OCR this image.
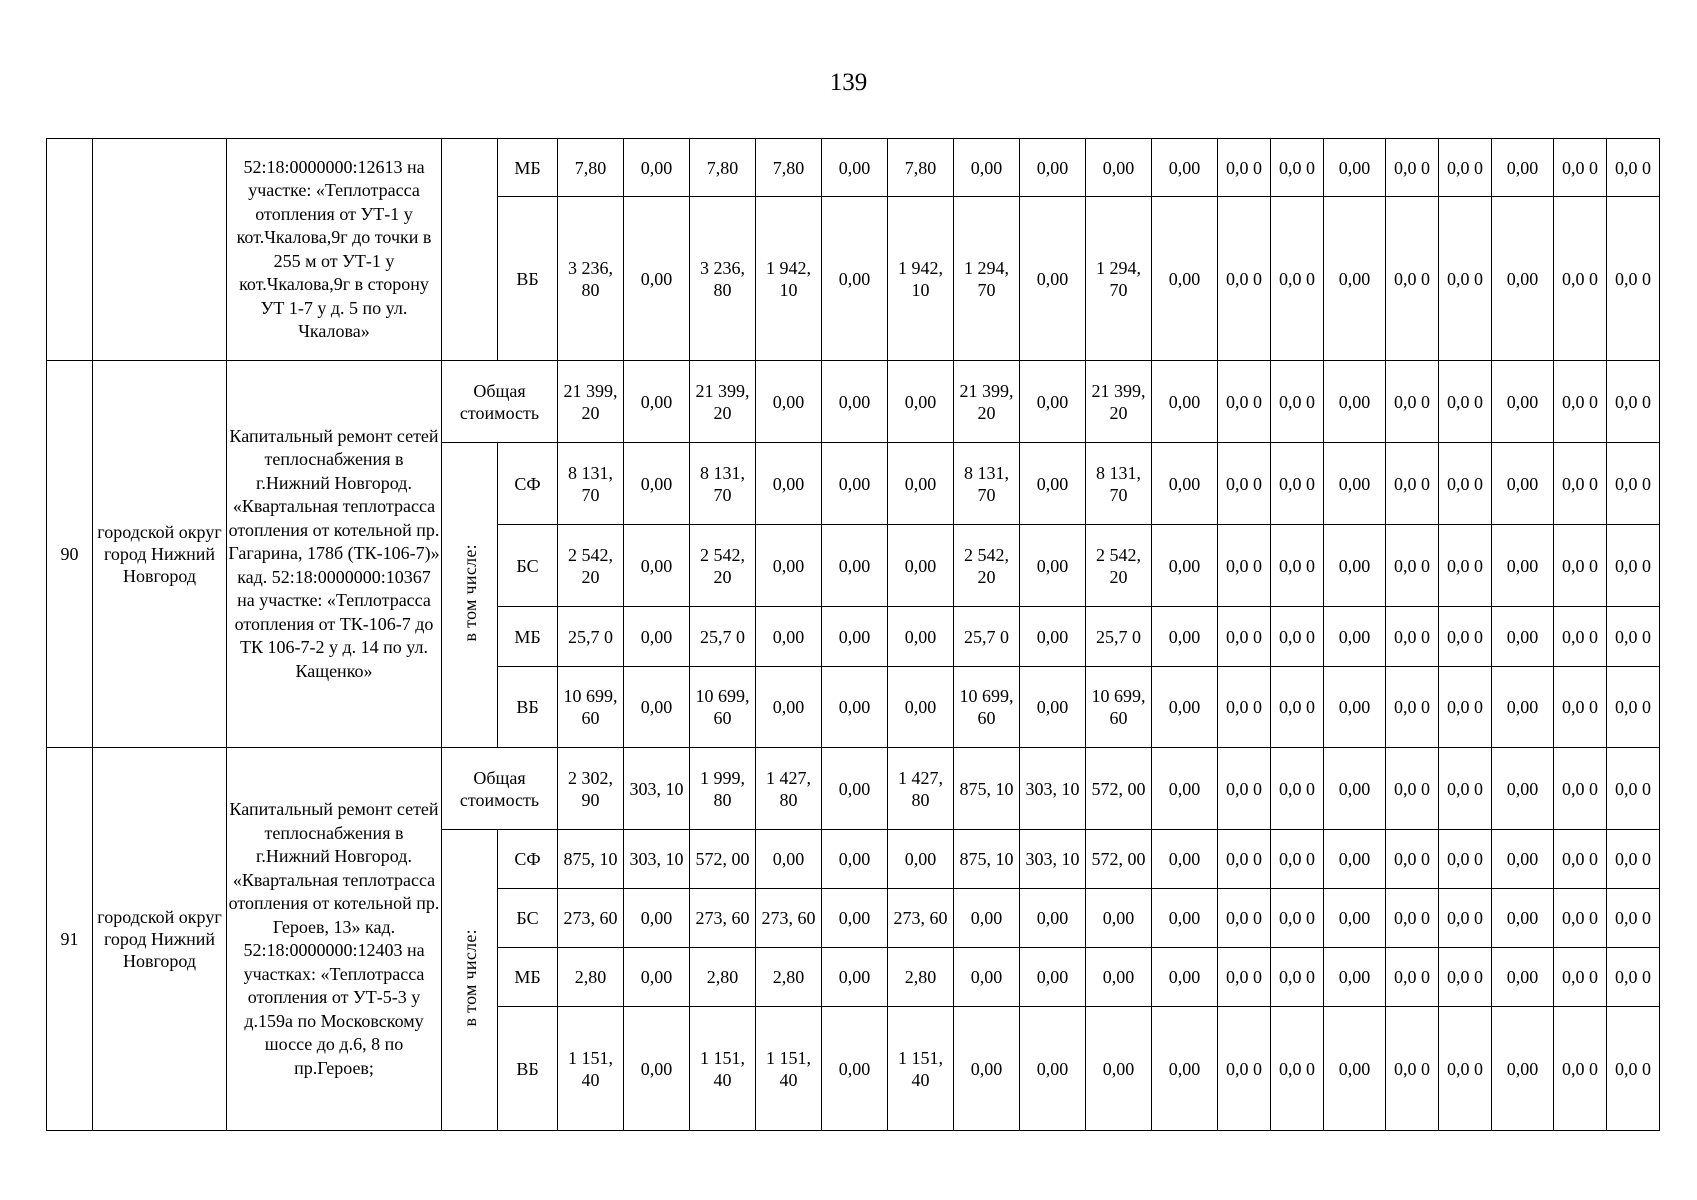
139
		52:18:0000000:12613 на участке: «Теплотрасса отопления от УТ-1 у кот.Чкалова,9г до точки в 255 м от УТ-1 у кот.Чкалова,9г в сторону УТ 1-7 у д. 5 по ул. Чкалова»		МБ	7,80	0,00	7,80	7,80	0,00	7,80	0,00	0,00	0,00	0,00	0,0 0	0,0 0	0,00	0,0 0	0,0 0	0,00	0,0 0	0,0 0
				ВБ	3 236, 80	0,00	3 236, 80	1 942, 10	0,00	1 942, 10	1 294, 70	0,00	1 294, 70	0,00	0,0 0	0,0 0	0,00	0,0 0	0,0 0	0,00	0,0 0	0,0 0
90	городской округ город Нижний Новгород	Капитальный ремонт сетей теплоснабжения в г.Нижний Новгород. «Квартальная теплотрасса отопления от котельной пр. Гагарина, 178б (ТК-106-7)» кад. 52:18:0000000:10367 на участке: «Теплотрасса отопления от ТК-106-7 до ТК 106-7-2 у д. 14 по ул. Кащенко»	Общая стоимость		21 399, 20	0,00	21 399, 20	0,00	0,00	0,00	21 399, 20	0,00	21 399, 20	0,00	0,0 0	0,0 0	0,00	0,0 0	0,0 0	0,00	0,0 0	0,0 0
			в том числе:	СФ	8 131, 70	0,00	8 131, 70	0,00	0,00	0,00	8 131, 70	0,00	8 131, 70	0,00	0,0 0	0,0 0	0,00	0,0 0	0,0 0	0,00	0,0 0	0,0 0
				БС	2 542, 20	0,00	2 542, 20	0,00	0,00	0,00	2 542, 20	0,00	2 542, 20	0,00	0,0 0	0,0 0	0,00	0,0 0	0,0 0	0,00	0,0 0	0,0 0
				МБ	25,7 0	0,00	25,7 0	0,00	0,00	0,00	25,7 0	0,00	25,7 0	0,00	0,0 0	0,0 0	0,00	0,0 0	0,0 0	0,00	0,0 0	0,0 0
				ВБ	10 699, 60	0,00	10 699, 60	0,00	0,00	0,00	10 699, 60	0,00	10 699, 60	0,00	0,0 0	0,0 0	0,00	0,0 0	0,0 0	0,00	0,0 0	0,0 0
91	городской округ город Нижний Новгород	Капитальный ремонт сетей теплоснабжения в г.Нижний Новгород. «Квартальная теплотрасса отопления от котельной пр. Героев, 13» кад. 52:18:0000000:12403 на участках: «Теплотрасса отопления от УТ-5-3 у д.159а по Московскому шоссе до д.6, 8 по пр.Героев;	Общая стоимость		2 302, 90	303, 10	1 999, 80	1 427, 80	0,00	1 427, 80	875, 10	303, 10	572, 00	0,00	0,0 0	0,0 0	0,00	0,0 0	0,0 0	0,00	0,0 0	0,0 0
			в том числе:	СФ	875, 10	303, 10	572, 00	0,00	0,00	0,00	875, 10	303, 10	572, 00	0,00	0,0 0	0,0 0	0,00	0,0 0	0,0 0	0,00	0,0 0	0,0 0
				БС	273, 60	0,00	273, 60	273, 60	0,00	273, 60	0,00	0,00	0,00	0,00	0,0 0	0,0 0	0,00	0,0 0	0,0 0	0,00	0,0 0	0,0 0
				МБ	2,80	0,00	2,80	2,80	0,00	2,80	0,00	0,00	0,00	0,00	0,0 0	0,0 0	0,00	0,0 0	0,0 0	0,00	0,0 0	0,0 0
				ВБ	1 151, 40	0,00	1 151, 40	1 151, 40	0,00	1 151, 40	0,00	0,00	0,00	0,00	0,0 0	0,0 0	0,00	0,0 0	0,0 0	0,00	0,0 0	0,0 0
